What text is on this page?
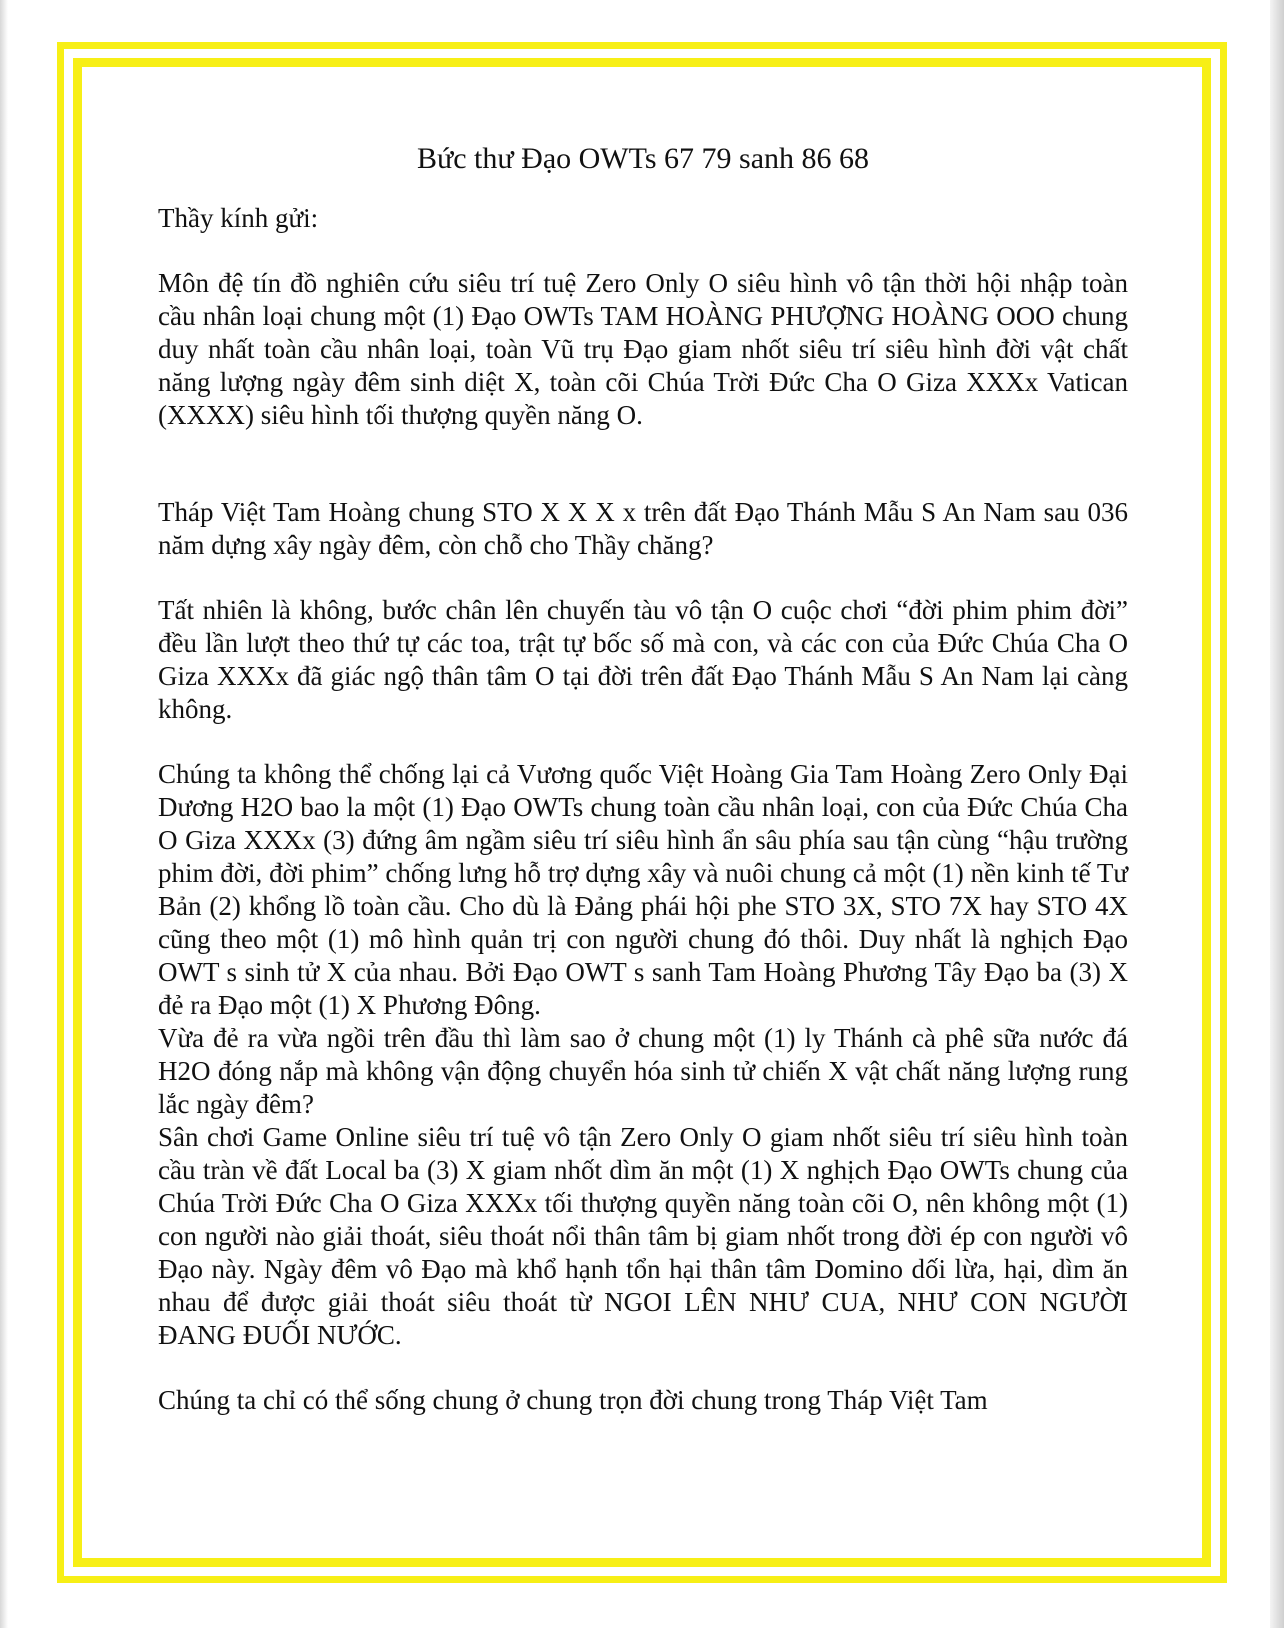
Bức thư Đạo OWTs 67 79 sanh 86 68

Thầy kính gửi:

Môn đệ tín đồ nghiên cứu siêu trí tuệ Zero Only O siêu hình vô tận thời hội nhập toàn cầu nhân loại chung một (1) Đạo OWTs TAM HOÀNG PHƯỢNG HOÀNG OOO chung duy nhất toàn cầu nhân loại, toàn Vũ trụ Đạo giam nhốt siêu trí siêu hình đời vật chất năng lượng ngày đêm sinh diệt X, toàn cõi Chúa Trời Đức Cha O Giza XXXx Vatican (XXXX) siêu hình tối thượng quyền năng O.

Tháp Việt Tam Hoàng chung STO X X X x trên đất Đạo Thánh Mẫu S An Nam sau 036 năm dựng xây ngày đêm, còn chỗ cho Thầy chăng?

Tất nhiên là không, bước chân lên chuyến tàu vô tận O cuộc chơi “đời phim phim đời” đều lần lượt theo thứ tự các toa, trật tự bốc số mà con, và các con của Đức Chúa Cha O Giza XXXx đã giác ngộ thân tâm O tại đời trên đất Đạo Thánh Mẫu S An Nam lại càng không.

Chúng ta không thể chống lại cả Vương quốc Việt Hoàng Gia Tam Hoàng Zero Only Đại Dương H2O bao la một (1) Đạo OWTs chung toàn cầu nhân loại, con của Đức Chúa Cha O Giza XXXx (3) đứng âm ngầm siêu trí siêu hình ẩn sâu phía sau tận cùng “hậu trường phim đời, đời phim” chống lưng hỗ trợ dựng xây và nuôi chung cả một (1) nền kinh tế Tư Bản (2) khổng lồ toàn cầu. Cho dù là Đảng phái hội phe STO 3X, STO 7X hay STO 4X cũng theo một (1) mô hình quản trị con người chung đó thôi. Duy nhất là nghịch Đạo OWT s sinh tử X của nhau. Bởi Đạo OWT s sanh Tam Hoàng Phương Tây Đạo ba (3) X đẻ ra Đạo một (1) X Phương Đông.

Vừa đẻ ra vừa ngồi trên đầu thì làm sao ở chung một (1) ly Thánh cà phê sữa nước đá H2O đóng nắp mà không vận động chuyển hóa sinh tử chiến X vật chất năng lượng rung lắc ngày đêm?

Sân chơi Game Online siêu trí tuệ vô tận Zero Only O giam nhốt siêu trí siêu hình toàn cầu tràn về đất Local ba (3) X giam nhốt dìm ăn một (1) X nghịch Đạo OWTs chung của Chúa Trời Đức Cha O Giza XXXx tối thượng quyền năng toàn cõi O, nên không một (1) con người nào giải thoát, siêu thoát nổi thân tâm bị giam nhốt trong đời ép con người vô Đạo này. Ngày đêm vô Đạo mà khổ hạnh tổn hại thân tâm Domino dối lừa, hại, dìm ăn nhau để được giải thoát siêu thoát từ NGOI LÊN NHƯ CUA, NHƯ CON NGƯỜI ĐANG ĐUỐI NƯỚC.

Chúng ta chỉ có thể sống chung ở chung trọn đời chung trong Tháp Việt Tam
